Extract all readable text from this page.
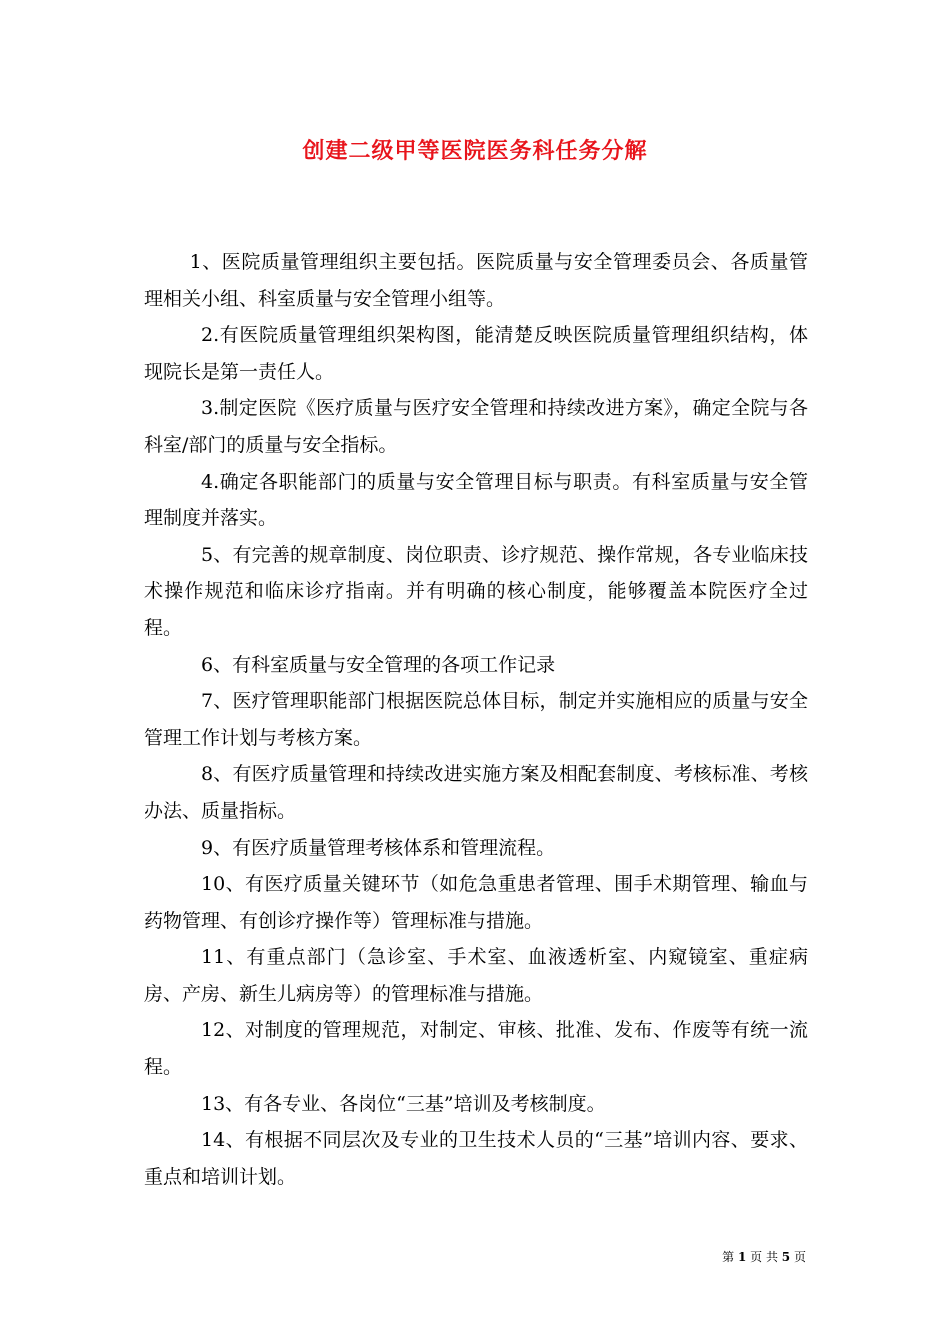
创建二级甲等医院医务科任务分解

1、医院质量管理组织主要包括。医院质量与安全管理委员会、各质量管理相关小组、科室质量与安全管理小组等。

2.有医院质量管理组织架构图，能清楚反映医院质量管理组织结构，体现院长是第一责任人。

3.制定医院《医疗质量与医疗安全管理和持续改进方案》，确定全院与各科室/部门的质量与安全指标。

4.确定各职能部门的质量与安全管理目标与职责。有科室质量与安全管理制度并落实。

5、有完善的规章制度、岗位职责、诊疗规范、操作常规，各专业临床技术操作规范和临床诊疗指南。并有明确的核心制度，能够覆盖本院医疗全过程。

6、有科室质量与安全管理的各项工作记录

7、医疗管理职能部门根据医院总体目标，制定并实施相应的质量与安全管理工作计划与考核方案。

8、有医疗质量管理和持续改进实施方案及相配套制度、考核标准、考核办法、质量指标。

9、有医疗质量管理考核体系和管理流程。

10、有医疗质量关键环节（如危急重患者管理、围手术期管理、输血与药物管理、有创诊疗操作等）管理标准与措施。

11、有重点部门（急诊室、手术室、血液透析室、内窥镜室、重症病房、产房、新生儿病房等）的管理标准与措施。

12、对制度的管理规范，对制定、审核、批准、发布、作废等有统一流程。

13、有各专业、各岗位“三基”培训及考核制度。

14、有根据不同层次及专业的卫生技术人员的“三基”培训内容、要求、重点和培训计划。

第 1 页 共 5 页
